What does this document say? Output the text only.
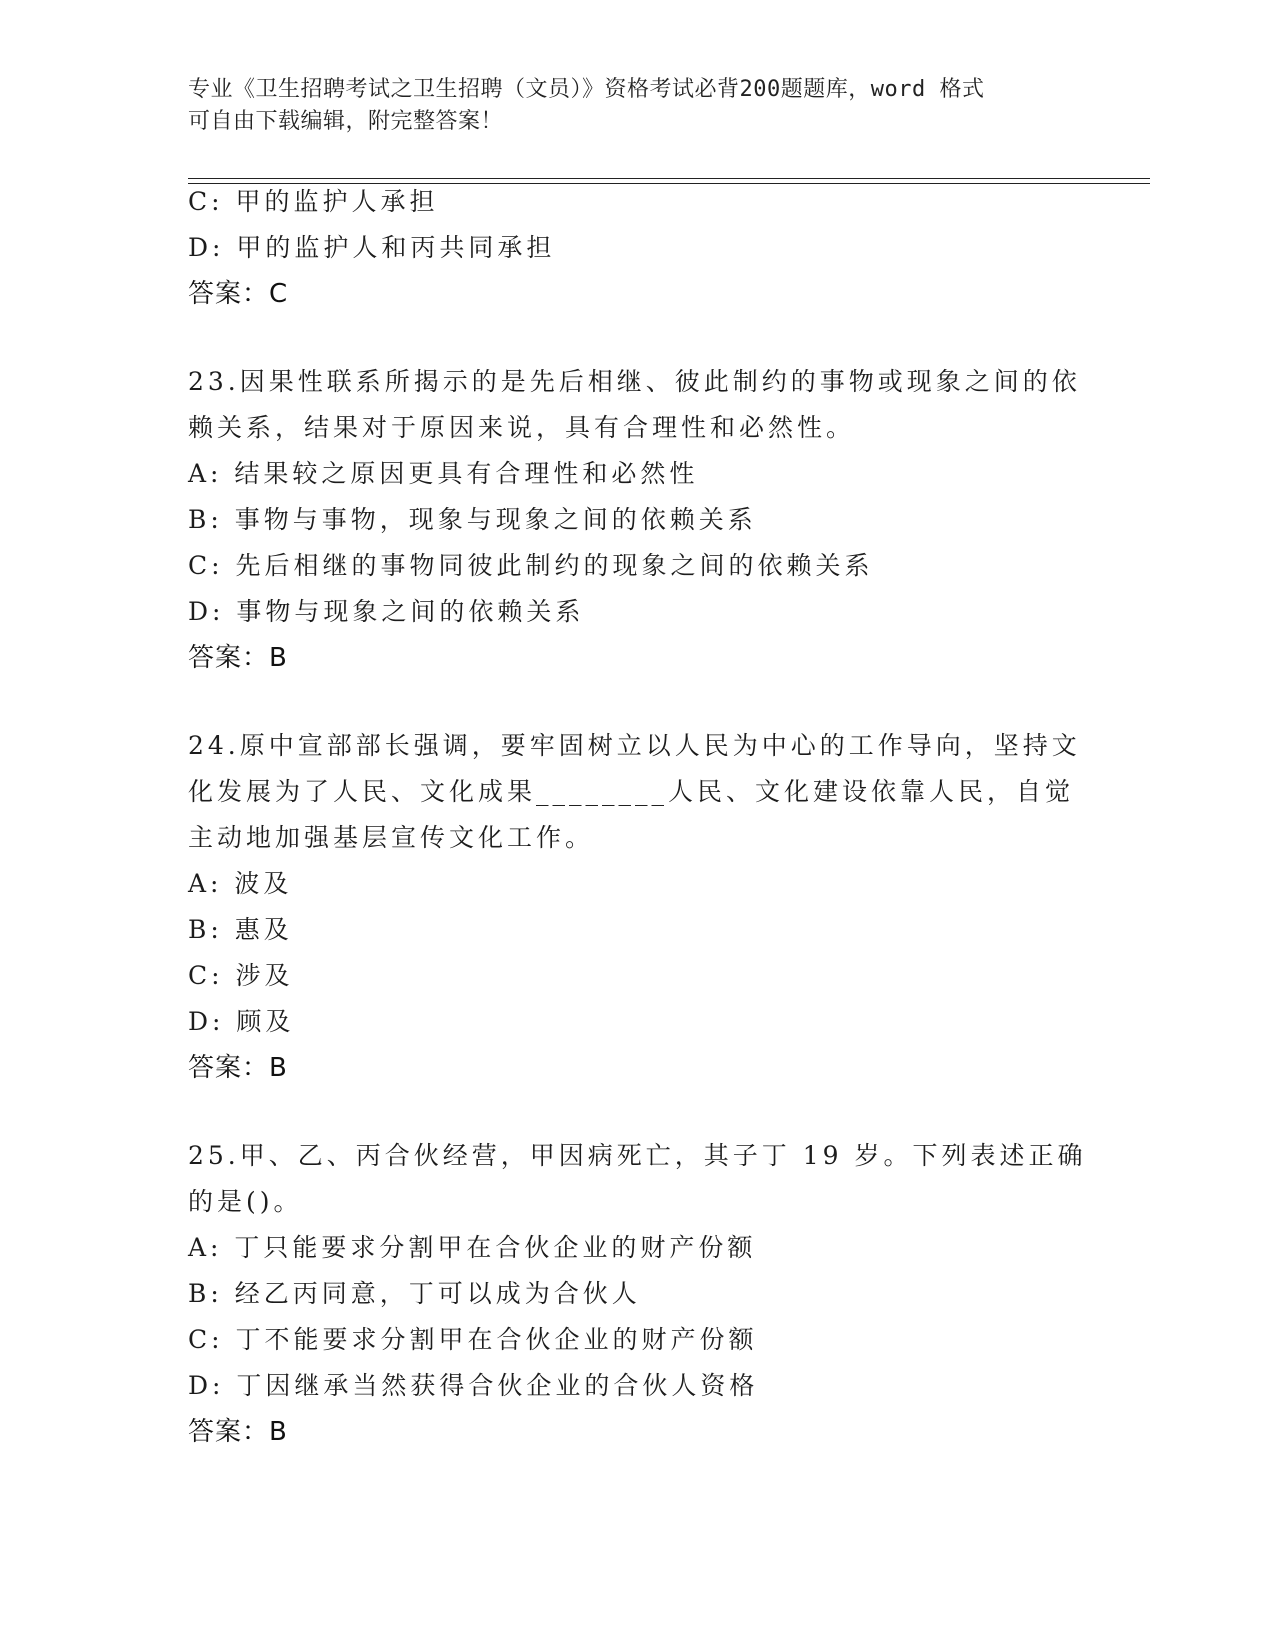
专业《卫生招聘考试之卫生招聘（文员）》资格考试必背200题题库，word 格式
可自由下载编辑，附完整答案！
C: 甲的监护人承担
D: 甲的监护人和丙共同承担
答案：C
23.因果性联系所揭示的是先后相继、彼此制约的事物或现象之间的依
赖关系，结果对于原因来说，具有合理性和必然性。
A: 结果较之原因更具有合理性和必然性
B: 事物与事物，现象与现象之间的依赖关系
C: 先后相继的事物同彼此制约的现象之间的依赖关系
D: 事物与现象之间的依赖关系
答案：B
24.原中宣部部长强调，要牢固树立以人民为中心的工作导向，坚持文
化发展为了人民、文化成果________人民、文化建设依靠人民，自觉
主动地加强基层宣传文化工作。
A: 波及
B: 惠及
C: 涉及
D: 顾及
答案：B
25.甲、乙、丙合伙经营，甲因病死亡，其子丁 19 岁。下列表述正确
的是()。
A: 丁只能要求分割甲在合伙企业的财产份额
B: 经乙丙同意，丁可以成为合伙人
C: 丁不能要求分割甲在合伙企业的财产份额
D: 丁因继承当然获得合伙企业的合伙人资格
答案：B
